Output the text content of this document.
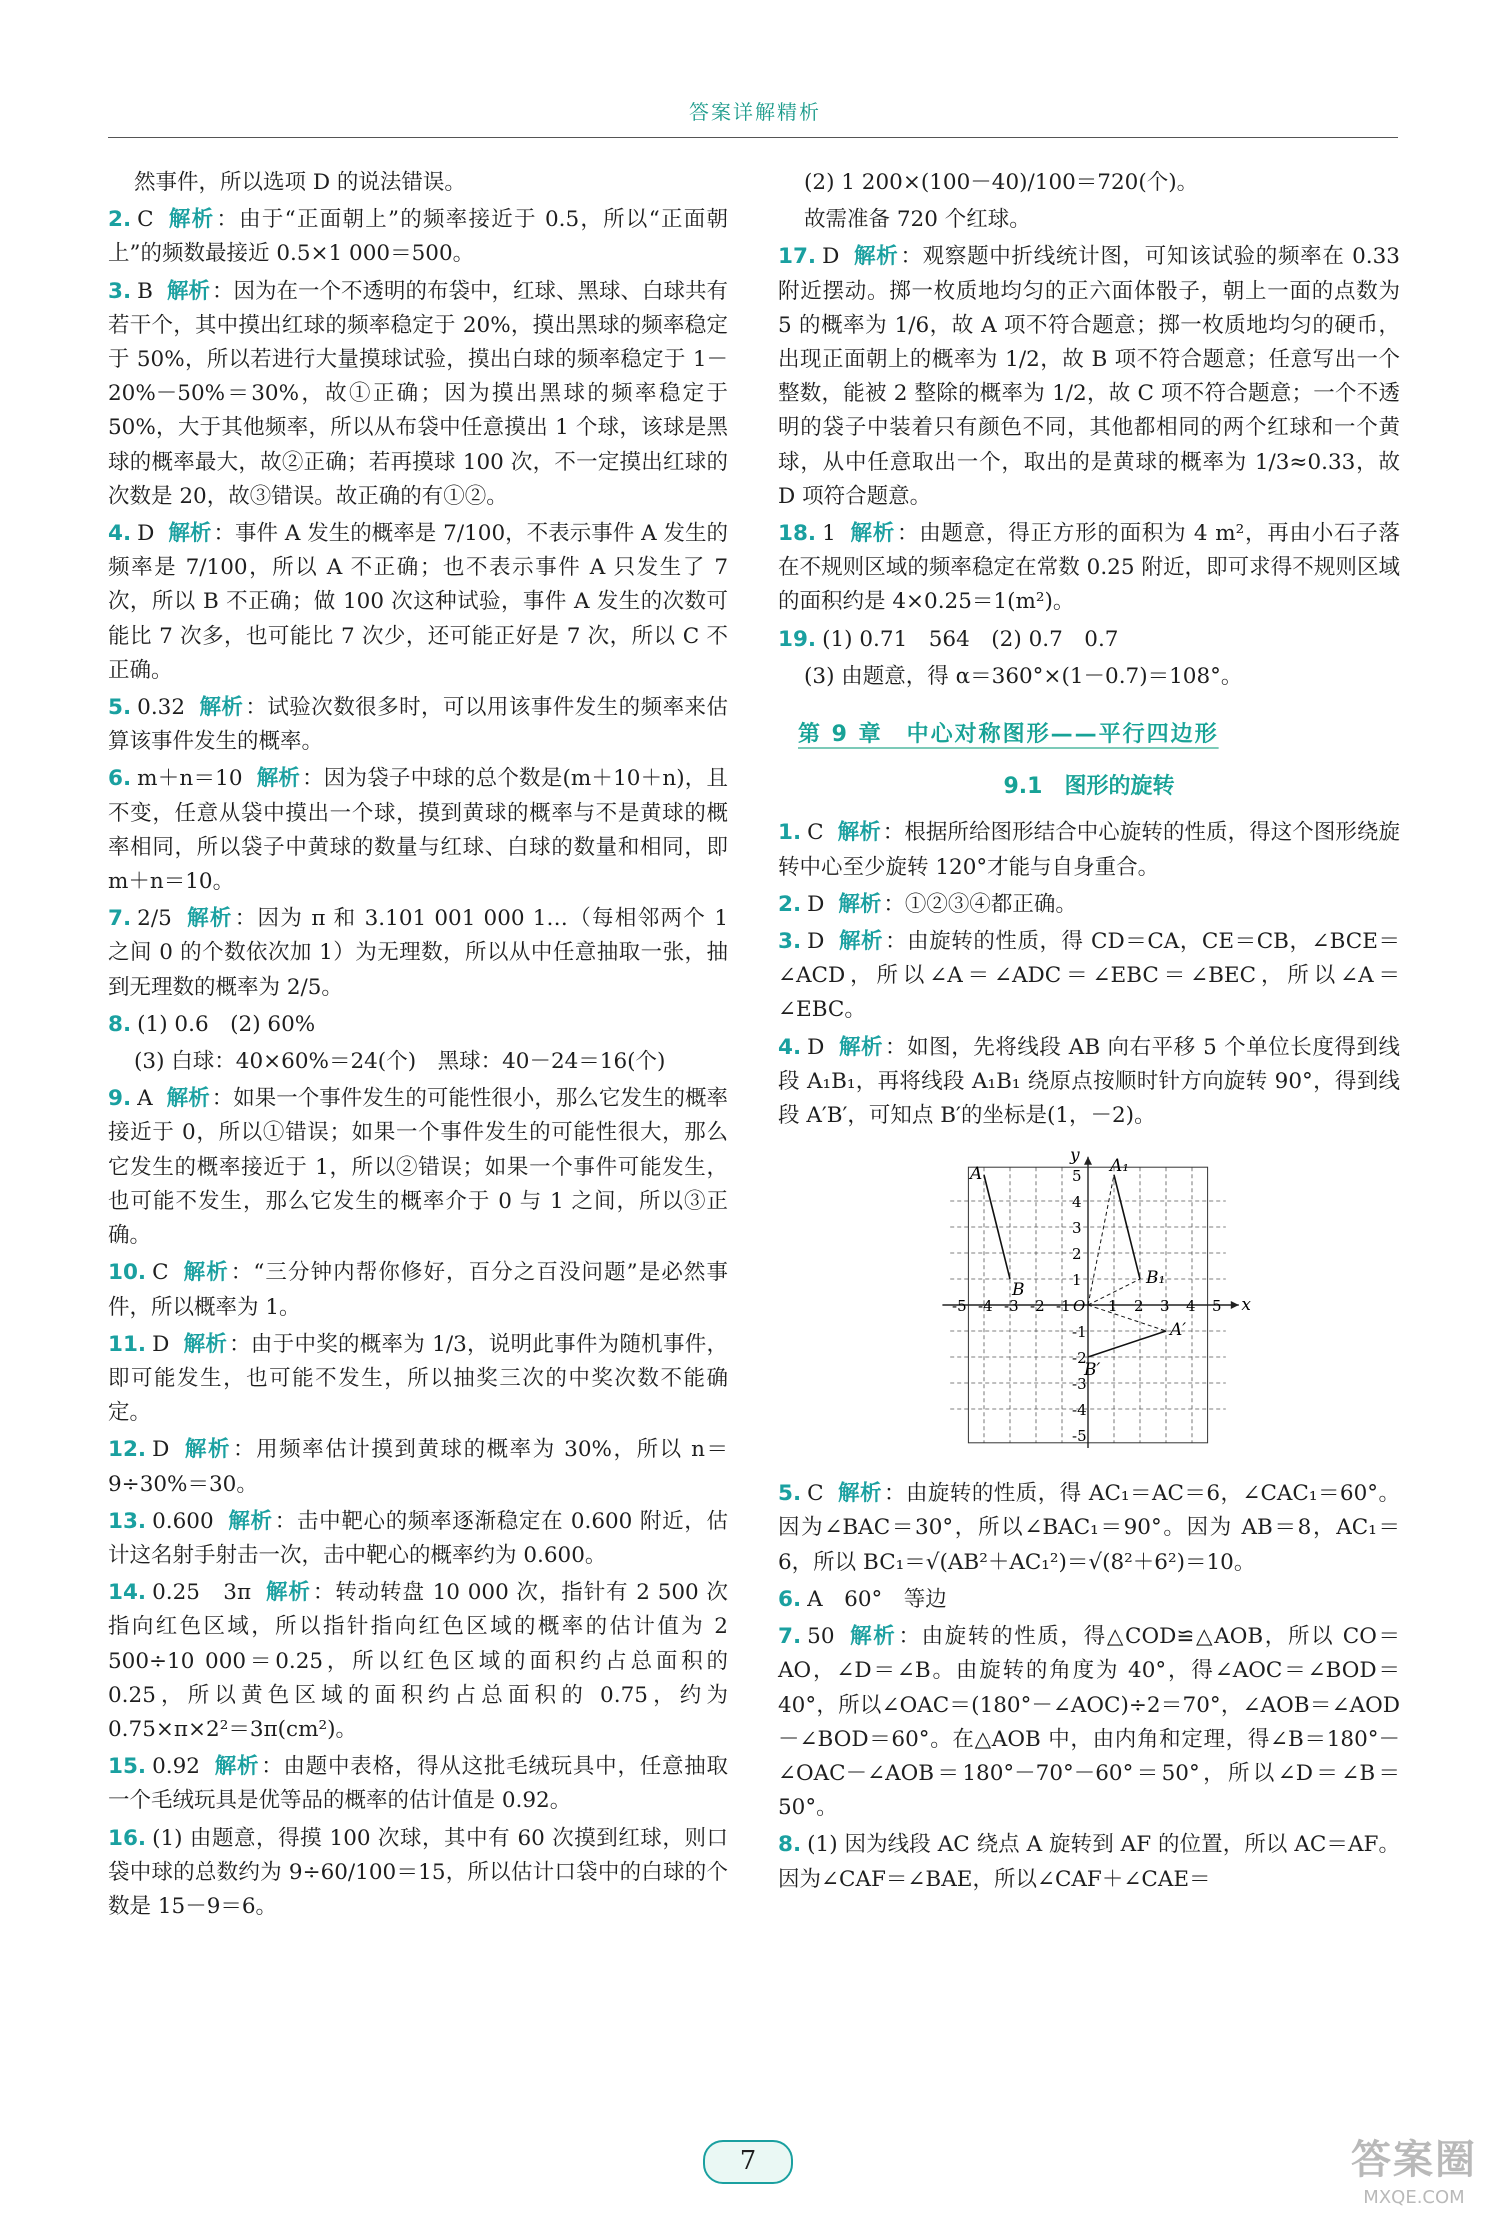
答案详解精析
然事件，所以选项 D 的说法错误。
2. C 解析：由于“正面朝上”的频率接近于 0.5，所以“正面朝上”的频数最接近 0.5×1 000＝500。
3. B 解析：因为在一个不透明的布袋中，红球、黑球、白球共有若干个，其中摸出红球的频率稳定于 20%，摸出黑球的频率稳定于 50%，所以若进行大量摸球试验，摸出白球的频率稳定于 1－20%－50%＝30%，故①正确；因为摸出黑球的频率稳定于 50%，大于其他频率，所以从布袋中任意摸出 1 个球，该球是黑球的概率最大，故②正确；若再摸球 100 次，不一定摸出红球的次数是 20，故③错误。故正确的有①②。
4. D 解析：事件 A 发生的概率是 7/100，不表示事件 A 发生的频率是 7/100，所以 A 不正确；也不表示事件 A 只发生了 7 次，所以 B 不正确；做 100 次这种试验，事件 A 发生的次数可能比 7 次多，也可能比 7 次少，还可能正好是 7 次，所以 C 不正确。
5. 0.32 解析：试验次数很多时，可以用该事件发生的频率来估算该事件发生的概率。
6. m＋n＝10 解析：因为袋子中球的总个数是(m＋10＋n)，且不变，任意从袋中摸出一个球，摸到黄球的概率与不是黄球的概率相同，所以袋子中黄球的数量与红球、白球的数量和相同，即 m＋n＝10。
7. 2/5 解析：因为 π 和 3.101 001 000 1…（每相邻两个 1 之间 0 的个数依次加 1）为无理数，所以从中任意抽取一张，抽到无理数的概率为 2/5。
8. (1) 0.6　(2) 60%
(3) 白球：40×60%＝24(个)　黑球：40－24＝16(个)
9. A 解析：如果一个事件发生的可能性很小，那么它发生的概率接近于 0，所以①错误；如果一个事件发生的可能性很大，那么它发生的概率接近于 1，所以②错误；如果一个事件可能发生，也可能不发生，那么它发生的概率介于 0 与 1 之间，所以③正确。
10. C 解析：“三分钟内帮你修好，百分之百没问题”是必然事件，所以概率为 1。
11. D 解析：由于中奖的概率为 1/3，说明此事件为随机事件，即可能发生，也可能不发生，所以抽奖三次的中奖次数不能确定。
12. D 解析：用频率估计摸到黄球的概率为 30%，所以 n＝9÷30%＝30。
13. 0.600 解析：击中靶心的频率逐渐稳定在 0.600 附近，估计这名射手射击一次，击中靶心的概率约为 0.600。
14. 0.25　3π 解析：转动转盘 10 000 次，指针有 2 500 次指向红色区域，所以指针指向红色区域的概率的估计值为 2 500÷10 000＝0.25，所以红色区域的面积约占总面积的 0.25，所以黄色区域的面积约占总面积的 0.75，约为 0.75×π×2²＝3π(cm²)。
15. 0.92 解析：由题中表格，得从这批毛绒玩具中，任意抽取一个毛绒玩具是优等品的概率的估计值是 0.92。
16. (1) 由题意，得摸 100 次球，其中有 60 次摸到红球，则口袋中球的总数约为 9÷60/100＝15，所以估计口袋中的白球的个数是 15－9＝6。
(2) 1 200×(100－40)/100＝720(个)。
故需准备 720 个红球。
17. D 解析：观察题中折线统计图，可知该试验的频率在 0.33 附近摆动。掷一枚质地均匀的正六面体骰子，朝上一面的点数为 5 的概率为 1/6，故 A 项不符合题意；掷一枚质地均匀的硬币，出现正面朝上的概率为 1/2，故 B 项不符合题意；任意写出一个整数，能被 2 整除的概率为 1/2，故 C 项不符合题意；一个不透明的袋子中装着只有颜色不同，其他都相同的两个红球和一个黄球，从中任意取出一个，取出的是黄球的概率为 1/3≈0.33，故 D 项符合题意。
18. 1 解析：由题意，得正方形的面积为 4 m²，再由小石子落在不规则区域的频率稳定在常数 0.25 附近，即可求得不规则区域的面积约是 4×0.25＝1(m²)。
19. (1) 0.71　564　(2) 0.7　0.7
(3) 由题意，得 α＝360°×(1－0.7)＝108°。
第 9 章　中心对称图形——平行四边形
9.1　图形的旋转
1. C 解析：根据所给图形结合中心旋转的性质，得这个图形绕旋转中心至少旋转 120°才能与自身重合。
2. D 解析：①②③④都正确。
3. D 解析：由旋转的性质，得 CD＝CA，CE＝CB，∠BCE＝∠ACD，所以∠A＝∠ADC＝∠EBC＝∠BEC，所以∠A＝∠EBC。
4. D 解析：如图，先将线段 AB 向右平移 5 个单位长度得到线段 A₁B₁，再将线段 A₁B₁ 绕原点按顺时针方向旋转 90°，得到线段 A′B′，可知点 B′的坐标是(1，－2)。
x
y
O
-5 -4 -3 -2 -1 1 2 3 4 5
5
4
3
2
1
-1
-2
-3
-4
-5
A
B
A₁
B₁
A′
B′
5. C 解析：由旋转的性质，得 AC₁＝AC＝6，∠CAC₁＝60°。因为∠BAC＝30°，所以∠BAC₁＝90°。因为 AB＝8，AC₁＝6，所以 BC₁＝√(AB²＋AC₁²)＝√(8²＋6²)＝10。
6. A　60°　等边
7. 50 解析：由旋转的性质，得△COD≌△AOB，所以 CO＝AO，∠D＝∠B。由旋转的角度为 40°，得∠AOC＝∠BOD＝40°，所以∠OAC＝(180°－∠AOC)÷2＝70°，∠AOB＝∠AOD－∠BOD＝60°。在△AOB 中，由内角和定理，得∠B＝180°－∠OAC－∠AOB＝180°－70°－60°＝50°，所以∠D＝∠B＝50°。
8. (1) 因为线段 AC 绕点 A 旋转到 AF 的位置，所以 AC＝AF。因为∠CAF＝∠BAE，所以∠CAF＋∠CAE＝
7	答案圈
MXQE.COM
